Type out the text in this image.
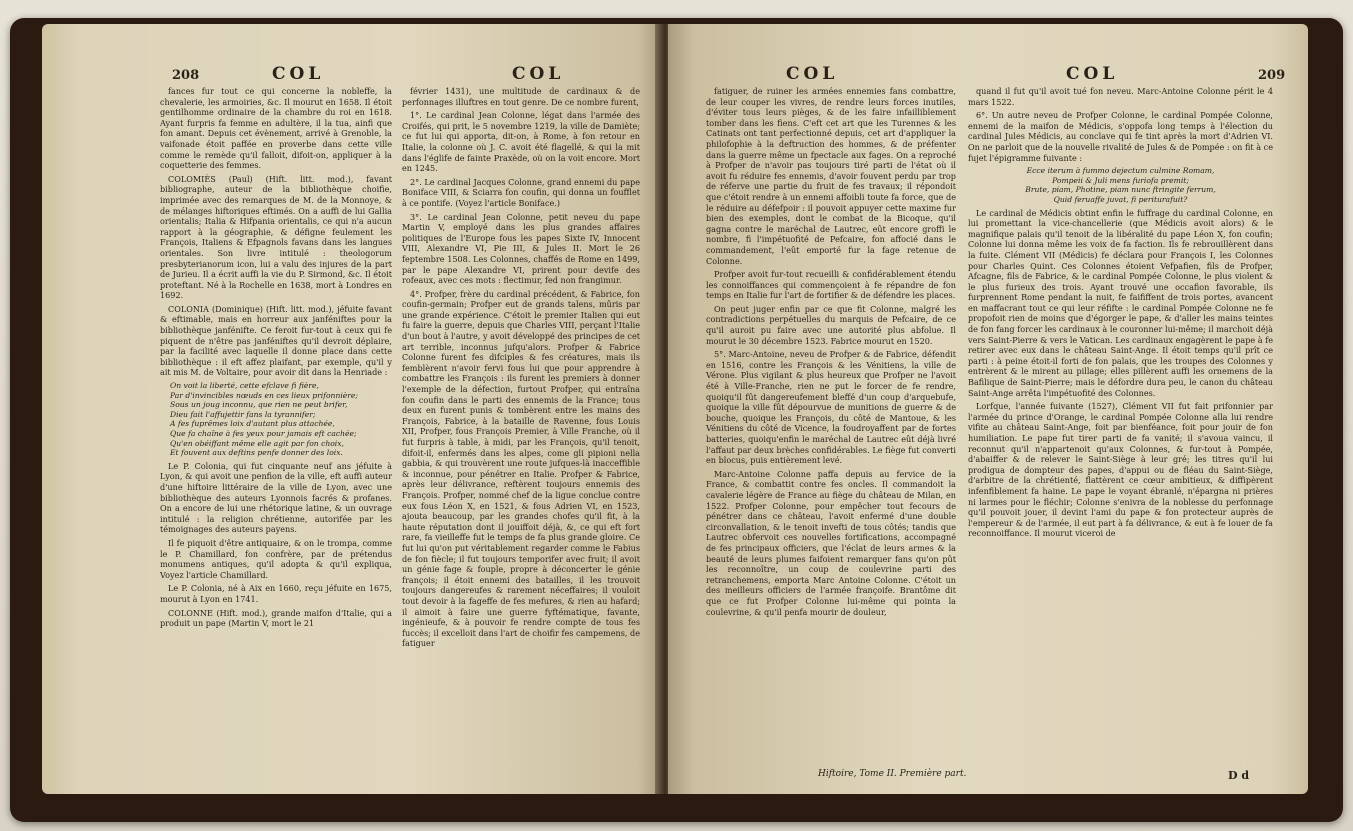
208	COL	COL

fances fur tout ce qui concerne la nobleffe, la chevalerie, les armoiries, &c. Il mourut en 1658. Il étoit gentilhomme ordinaire de la chambre du roi en 1618. Ayant furpris fa femme en adultère, il la tua, ainfi que fon amant. Depuis cet évènement, arrivé à Grenoble, la vaifonade étoit paffée en proverbe dans cette ville comme le remède qu'il falloit, difoit-on, appliquer à la coquetterie des femmes.

COLOMIÈS (Paul) (Hift. litt. mod.), favant bibliographe, auteur de la bibliothèque choifie, imprimée avec des remarques de M. de la Monnoye, & de mélanges hiftoriques eftimés. On a auffi de lui Gallia orientalis; Italia & Hifpania orientalis, ce qui n'a aucun rapport à la géographie, & défigne feulement les François, Italiens & Efpagnols favans dans les langues orientales. Son livre intitulé : theologorum presbyterianorum icon, lui a valu des injures de la part de Jurieu. Il a écrit auffi la vie du P. Sirmond, &c. Il étoit proteftant. Né à la Rochelle en 1638, mort à Londres en 1692.

COLONIA (Dominique) (Hift. litt. mod.), jéfuite favant & eftimable, mais en horreur aux janféniftes pour la bibliothèque janfénifte. Ce feroit fur-tout à ceux qui fe piquent de n'être pas janféniftes qu'il devroit déplaire, par la facilité avec laquelle il donne place dans cette bibliothèque : il eft affez plaifant, par exemple, qu'il y ait mis M. de Voltaire, pour avoir dit dans la Henriade :

On voit la liberté, cette efclave fi fière,
Par d'invincibles nœuds en ces lieux prifonnière;
Sous un joug inconnu, que rien ne peut brifer,
Dieu fait l'affujettir fans la tyrannifer;
A fes fuprêmes loix d'autant plus attachée,
Que fa chaîne à fes yeux pour jamais eft cachée;
Qu'en obéiffant même elle agit par fon choix,
Et fouvent aux deftins penfe donner des loix.

Le P. Colonia, qui fut cinquante neuf ans jéfuite à Lyon, & qui avoit une penfion de la ville, eft auffi auteur d'une hiftoire littéraire de la ville de Lyon, avec une bibliothèque des auteurs Lyonnois facrés & profanes. On a encore de lui une rhétorique latine, & un ouvrage intitulé : la religion chrétienne, autorifée par les témoignages des auteurs payens.

Il fe piquoit d'être antiquaire, & on le trompa, comme le P. Chamillard, fon confrère, par de prétendus monumens antiques, qu'il adopta & qu'il expliqua, Voyez l'article Chamillard.

Le P. Colonia, né à Aix en 1660, reçu jéfuite en 1675, mourut à Lyon en 1741.

COLONNE (Hift. mod.), grande maifon d'Italie, qui a produit un pape (Martin V, mort le 21

février 1431), une multitude de cardinaux & de perfonnages illuftres en tout genre. De ce nombre furent,

1°. Le cardinal Jean Colonne, légat dans l'armée des Croifés, qui prit, le 5 novembre 1219, la ville de Damiète; ce fut lui qui apporta, dit-on, à Rome, à fon retour en Italie, la colonne où J. C. avoit été flagellé, & qui la mit dans l'églife de fainte Praxède, où on la voit encore. Mort en 1245.

2°. Le cardinal Jacques Colonne, grand ennemi du pape Boniface VIII, & Sciarra fon coufin, qui donna un foufflet à ce pontife. (Voyez l'article Boniface.)

3°. Le cardinal Jean Colonne, petit neveu du pape Martin V, employé dans les plus grandes affaires politiques de l'Europe fous les papes Sixte IV, Innocent VIII, Alexandre VI, Pie III, & Jules II. Mort le 26 feptembre 1508. Les Colonnes, chaffés de Rome en 1499, par le pape Alexandre VI, prirent pour devife des rofeaux, avec ces mots : flectimur, fed non frangimur.

4°. Profper, frère du cardinal précédent, & Fabrice, fon coufin-germain; Profper eut de grands talens, mûris par une grande expérience. C'étoit le premier Italien qui eut fu faire la guerre, depuis que Charles VIII, perçant l'Italie d'un bout à l'autre, y avoit développé des principes de cet art terrible, inconnus jufqu'alors. Profper & Fabrice Colonne furent fes difciples & fes créatures, mais ils femblèrent n'avoir fervi fous lui que pour apprendre à combattre les François : ils furent les premiers à donner l'exemple de la défection, furtout Profper, qui entraîna fon coufin dans le parti des ennemis de la France; tous deux en furent punis & tombèrent entre les mains des François, Fabrice, à la bataille de Ravenne, fous Louis XII, Profper, fous François Premier, à Ville Franche, où il fut furpris à table, à midi, par les François, qu'il tenoit, difoit-il, enfermés dans les alpes, come gli pipioni nella gabbia, & qui trouvèrent une route jufques-là inacceffible & inconnue, pour pénétrer en Italie. Profper & Fabrice, après leur délivrance, reftèrent toujours ennemis des François. Profper, nommé chef de la ligue conclue contre eux fous Léon X, en 1521, & fous Adrien VI, en 1523, ajouta beaucoup, par les grandes chofes qu'il fit, à la haute réputation dont il jouiffoit déjà, &, ce qui eft fort rare, fa vieilleffe fut le temps de fa plus grande gloire. Ce fut lui qu'on put véritablement regarder comme le Fabius de fon fiècle; il fut toujours temporifer avec fruit; il avoit un génie fage & fouple, propre à déconcerter le génie françois; il étoit ennemi des batailles, il les trouvoit toujours dangereufes & rarement néceffaires; il vouloit tout devoir à la fageffe de fes mefures, & rien au hafard; il aimoit à faire une guerre fyftématique, favante, ingénieufe, & à pouvoir fe rendre compte de tous fes fuccès; il excelloit dans l'art de choifir fes campemens, de fatiguer

COL	COL	209

fatiguer, de ruiner les armées ennemies fans combattre, de leur couper les vivres, de rendre leurs forces inutiles, d'éviter tous leurs pièges, & de les faire infailliblement tomber dans les fiens. C'eft cet art que les Turennes & les Catinats ont tant perfectionné depuis, cet art d'appliquer la philofophie à la deftruction des hommes, & de préfenter dans la guerre même un fpectacle aux fages. On a reproché à Profper de n'avoir pas toujours tiré parti de l'état où il avoit fu réduire fes ennemis, d'avoir fouvent perdu par trop de réferve une partie du fruit de fes travaux; il répondoit que c'étoit rendre à un ennemi affoibli toute fa force, que de le réduire au défefpoir : il pouvoit appuyer cette maxime fur bien des exemples, dont le combat de la Bicoque, qu'il gagna contre le maréchal de Lautrec, eût encore groffi le nombre, fi l'impétuofité de Pefcaire, fon affocié dans le commandement, l'eût emporté fur la fage retenue de Colonne.

Profper avoit fur-tout recueilli & confidérablement étendu les connoiffances qui commençoient à fe répandre de fon temps en Italie fur l'art de fortifier & de défendre les places.

On peut juger enfin par ce que fit Colonne, malgré les contradictions perpétuelles du marquis de Pefcaire, de ce qu'il auroit pu faire avec une autorité plus abfolue. Il mourut le 30 décembre 1523. Fabrice mourut en 1520.

5°. Marc-Antoine, neveu de Profper & de Fabrice, défendit en 1516, contre les François & les Vénitiens, la ville de Vérone. Plus vigilant & plus heureux que Profper ne l'avoit été à Ville-Franche, rien ne put le forcer de fe rendre, quoiqu'il fût dangereufement bleffé d'un coup d'arquebufe, quoique la ville fût dépourvue de munitions de guerre & de bouche, quoique les François, du côté de Mantoue, & les Vénitiens du côté de Vicence, la foudroyaffent par de fortes batteries, quoiqu'enfin le maréchal de Lautrec eût déjà livré l'affaut par deux brèches confidérables. Le fiège fut converti en blocus, puis entièrement levé.

Marc-Antoine Colonne paffa depuis au fervice de la France, & combattit contre fes oncles. Il commandoit la cavalerie légère de France au fiège du château de Milan, en 1522. Profper Colonne, pour empêcher tout fecours de pénétrer dans ce château, l'avoit enfermé d'une double circonvallation, & le tenoit invefti de tous côtés; tandis que Lautrec obfervoit ces nouvelles fortifications, accompagné de fes principaux officiers, que l'éclat de leurs armes & la beauté de leurs plumes faifoient remarquer fans qu'on pût les reconnoître, un coup de coulevrine parti des retranchemens, emporta Marc Antoine Colonne. C'étoit un des meilleurs officiers de l'armée françoife. Brantôme dit que ce fut Profper Colonne lui-même qui pointa la coulevrine, & qu'il penfa mourir de douleur,

quand il fut qu'il avoit tué fon neveu. Marc-Antoine Colonne périt le 4 mars 1522.

6°. Un autre neveu de Profper Colonne, le cardinal Pompée Colonne, ennemi de la maifon de Médicis, s'oppofa long temps à l'élection du cardinal Jules Médicis, au conclave qui fe tint après la mort d'Adrien VI. On ne parloit que de la nouvelle rivalité de Jules & de Pompée : on fit à ce fujet l'épigramme fuivante :

Ecce iterum à fummo dejectum culmine Romam,
Pompeii & Juli mens furiofa premit;
Brute, piam, Photine, piam nunc ftringite ferrum,
Quid feruaffe juvat, fi periturafuit?

Le cardinal de Médicis obtint enfin le fuffrage du cardinal Colonne, en lui promettant la vice-chancellerie (que Médicis avoit alors) & le magnifique palais qu'il tenoit de la libéralité du pape Léon X, fon coufin; Colonne lui donna même les voix de fa faction. Ils fe rebrouillèrent dans la fuite. Clément VII (Médicis) fe déclara pour François I, les Colonnes pour Charles Quint. Ces Colonnes étoient Vefpafien, fils de Profper, Afcagne, fils de Fabrice, & le cardinal Pompée Colonne, le plus violent & le plus furieux des trois. Ayant trouvé une occafion favorable, ils furprennent Rome pendant la nuit, fe faififfent de trois portes, avancent en maffacrant tout ce qui leur réfifte : le cardinal Pompée Colonne ne fe propofoit rien de moins que d'égorger le pape, & d'aller les mains teintes de fon fang forcer les cardinaux à le couronner lui-même; il marchoit déjà vers Saint-Pierre & vers le Vatican. Les cardinaux engagèrent le pape à fe retirer avec eux dans le château Saint-Ange. Il étoit temps qu'il prît ce parti : à peine étoit-il forti de fon palais, que les troupes des Colonnes y entrèrent & le mirent au pillage; elles pillèrent auffi les ornemens de la Bafilique de Saint-Pierre; mais le défordre dura peu, le canon du château Saint-Ange arrêta l'impétuofité des Colonnes.

Lorfque, l'année fuivante (1527), Clément VII fut fait prifonnier par l'armée du prince d'Orange, le cardinal Pompée Colonne alla lui rendre vifite au château Saint-Ange, foit par bienféance, foit pour jouir de fon humiliation. Le pape fut tirer parti de fa vanité; il s'avoua vaincu, il reconnut qu'il n'appartenoit qu'aux Colonnes, & fur-tout à Pompée, d'abaiffer & de relever le Saint-Siège à leur gré; les titres qu'il lui prodigua de dompteur des papes, d'appui ou de fléau du Saint-Siège, d'arbitre de la chrétienté, flattèrent ce cœur ambitieux, & diffipèrent infenfiblement fa haine. Le pape le voyant ébranlé, n'épargna ni prières ni larmes pour le fléchir; Colonne s'enivra de la noblesse du perfonnage qu'il pouvoit jouer, il devint l'ami du pape & fon protecteur auprès de l'empereur & de l'armée, il eut part à fa délivrance, & eut à fe louer de fa reconnoiffance. Il mourut viceroi de

Hiftoire, Tome II. Première part.	D d
